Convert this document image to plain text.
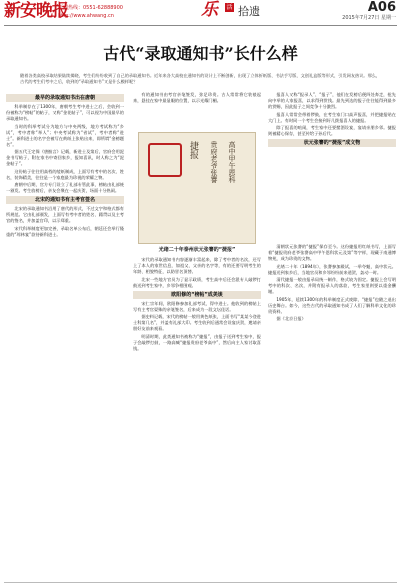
新安晚报
新闻热线：0551-62888900
http://www.ahwang.cn	乐 活 拾遗	A06
2015年7月27日 星期一
古代“录取通知书”长什么样
随着各类高校录取结果陆续揭晓，考生们纷纷收到了自己的录取通知书。近年来各大高校在通知书的设计上不断创新，出现了立体折纸版、书法手写版、文创礼盒版等形式，引发网友热议。那么，古代的考生们考中之后，收到的“录取通知书”又是什么模样呢？
最早的录取通知书出在唐朝

科举制存在了1300年，唐朝考生考中进士之后，会收到一份被称为“榜帖”的帖子，又称“金花帖子”，可以视为中国最早的录取通知书。

当时的科举考试分为地方与中央两级，地方考试称为“乡试”，考中者称“举人”；中央考试称为“省试”，考中者称“进士”。新科进士的名字会被写在黄纸上张贴出来，即所谓“金榜题名”。

据五代王定保《唐摭言》记载，新进士及第后，官府会用泥金书写帖子，附在家书中寄回家乡，报知喜讯，时人称之为“泥金帖子”。

这份帖子往往用高档的绫纸制成，上面写有考中的名次、姓名，装饰精美，往往是一个家庭最为珍视的荣耀之物。

唐朝中后期，官方专门设立了礼部专管此事，榜帖由礼部统一颁发。考生放榜后，亲友会聚在一起庆贺，场面十分热闹。

北宋的通知书有主考官签名

北宋的录取通知书沿用了唐代的形式，不过文字和格式都有所规范。它由礼部颁发，上面写有考中者的姓名、籍贯以及主考官的签名，并加盖官印，以示郑重。

宋代科举制度更加完善，录取名单公布后，朝廷还会举行隆重的“琼林宴”款待新科进士。

有的通知书由考官亲笔签发，弥足珍贵。古人常常将它装裱起来，悬挂在家中最显眼的位置，以示光耀门楣。

捷报 贵府老爷张謇 高中甲午恩科
光绪二十年泰州状元张謇的“捷报”

宋代的录取通知书内容逐渐丰富起来，除了考中者的名次，还写上了本人的家世信息，如祖父、父亲的名字等，有的还要写明考生的年龄、相貌特征，以防冒名顶替。

北宋一些地方官员为了显示政绩，考生高中后还会派专人敲锣打鼓送到考生家中，乡邻争相围观。

欧阳修的“榜帖”成美谈

宋仁宗年间，欧阳修参加礼部考试，得中进士。他收到的榜帖上写有主考官晏殊的亲笔签名，后来成为一段文坛佳话。

据史料记载，宋代的榜帖一般用黄色纸张，上面书写“某某今登进士科第几名”，并盖有礼部大印。考生收到后通常会设宴庆贺，邀请亲朋好友前来观看。

明清时期，此类通知书被称为“捷报”，由报子送到考生家中，报子会敲锣打鼓，一路高喊“捷报贵府老爷高中”，然后向主人家讨取喜钱。

报喜人又称“报录人”、“报子”，他们在发榜后便四处奔走，抢先向中举的人家报喜，以求得到赏钱。最先到达的报子往往能得到最多的赏赐，因此报子之间竞争十分激烈。

报喜人常常会带着锣鼓，在考生家门口高声报喜，并把捷报贴在大门上。有时同一个考生会接到好几拨报喜人的捷报。

除了报喜的喧闹，考生家中还要摆酒设宴，宴请亲朋乡邻。捷报则被精心保存，甚至传给子孙后代。

状元张謇的“捷报”成文物

清朝状元张謇的“捷报”保存至今。这份捷报用红纸书写，上面写着“捷报贵府老爷张謇高中甲午恩科状元及第”等字样，现藏于南通博物苑，成为珍贵的文物。

光绪二十年（1894年），张謇参加殿试，一举夺魁，高中状元。捷报送到家乡后，当地官员和乡邻纷纷前来道贺，轰动一时。

清代捷报一般由报录局统一制作，格式较为固定。捷报上会写明考中的科次、名次，并附有报录人的落款，考生家里则要以重金酬谢。

1905年，延续1300年的科举制度正式废除，“捷报”也随之退出历史舞台。如今，这些古代的录取通知书成了人们了解科举文化的珍贵资料。

据《北京日报》
